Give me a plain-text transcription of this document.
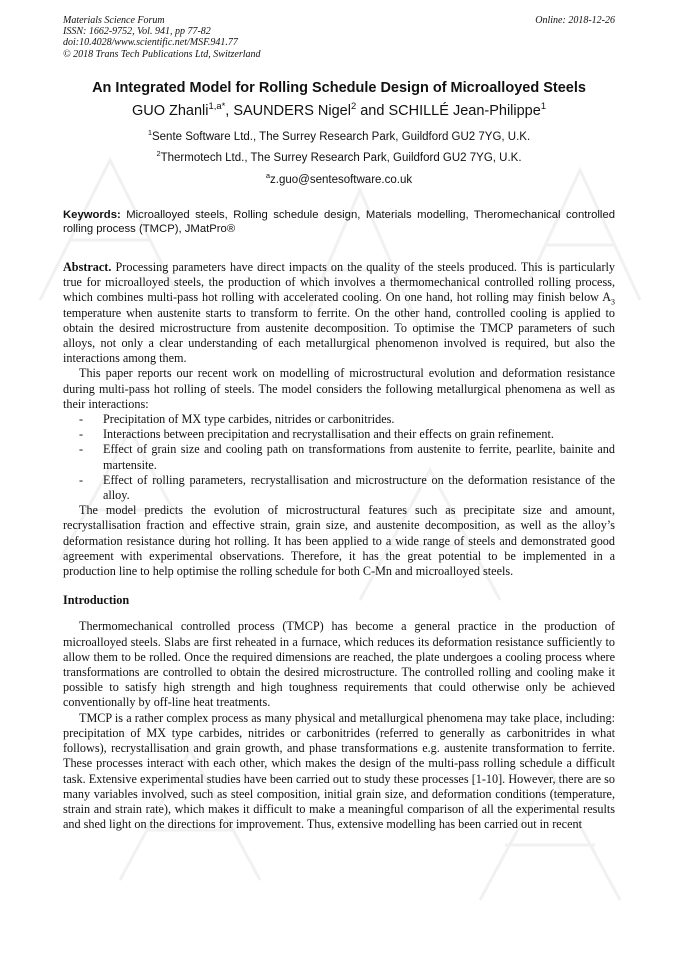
Materials Science Forum
ISSN: 1662-9752, Vol. 941, pp 77-82
doi:10.4028/www.scientific.net/MSF.941.77
© 2018 Trans Tech Publications Ltd, Switzerland
Online: 2018-12-26
An Integrated Model for Rolling Schedule Design of Microalloyed Steels
GUO Zhanli$^{1,a*}$, SAUNDERS Nigel$^2$ and SCHILLÉ Jean-Philippe$^1$
$^1$Sente Software Ltd., The Surrey Research Park, Guildford GU2 7YG, U.K.
$^2$Thermotech Ltd., The Surrey Research Park, Guildford GU2 7YG, U.K.
$^a$z.guo@sentesoftware.co.uk
Keywords: Microalloyed steels, Rolling schedule design, Materials modelling, Theromechanical controlled rolling process (TMCP), JMatPro®

Abstract. Processing parameters have direct impacts on the quality of the steels produced. This is particularly true for microalloyed steels, the production of which involves a thermomechanical controlled rolling process, which combines multi-pass hot rolling with accelerated cooling. On one hand, hot rolling may finish below $A_3$ temperature when austenite starts to transform to ferrite. On the other hand, controlled cooling is applied to obtain the desired microstructure from austenite decomposition. To optimise the TMCP parameters of such alloys, not only a clear understanding of each metallurgical phenomenon involved is required, but also the interactions among them.

This paper reports our recent work on modelling of microstructural evolution and deformation resistance during multi-pass hot rolling of steels. The model considers the following metallurgical phenomena as well as their interactions:

-	Precipitation of MX type carbides, nitrides or carbonitrides.
-	Interactions between precipitation and recrystallisation and their effects on grain refinement.
-	Effect of grain size and cooling path on transformations from austenite to ferrite, pearlite, bainite and martensite.
-	Effect of rolling parameters, recrystallisation and microstructure on the deformation resistance of the alloy.

The model predicts the evolution of microstructural features such as precipitate size and amount, recrystallisation fraction and effective strain, grain size, and austenite decomposition, as well as the alloy’s deformation resistance during hot rolling. It has been applied to a wide range of steels and demonstrated good agreement with experimental observations. Therefore, it has the great potential to be implemented in a production line to help optimise the rolling schedule for both C-Mn and microalloyed steels.

Introduction

Thermomechanical controlled process (TMCP) has become a general practice in the production of microalloyed steels. Slabs are first reheated in a furnace, which reduces its deformation resistance sufficiently to allow them to be rolled. Once the required dimensions are reached, the plate undergoes a cooling process where transformations are controlled to obtain the desired microstructure. The controlled rolling and cooling make it possible to satisfy high strength and high toughness requirements that could otherwise only be achieved conventionally by off-line heat treatments.

TMCP is a rather complex process as many physical and metallurgical phenomena may take place, including: precipitation of MX type carbides, nitrides or carbonitrides (referred to generally as carbonitrides in what follows), recrystallisation and grain growth, and phase transformations e.g. austenite transformation to ferrite. These processes interact with each other, which makes the design of the multi-pass rolling schedule a difficult task. Extensive experimental studies have been carried out to study these processes [1-10]. However, there are so many variables involved, such as steel composition, initial grain size, and deformation conditions (temperature, strain and strain rate), which makes it difficult to make a meaningful comparison of all the experimental results and shed light on the directions for improvement. Thus, extensive modelling has been carried out in recent
